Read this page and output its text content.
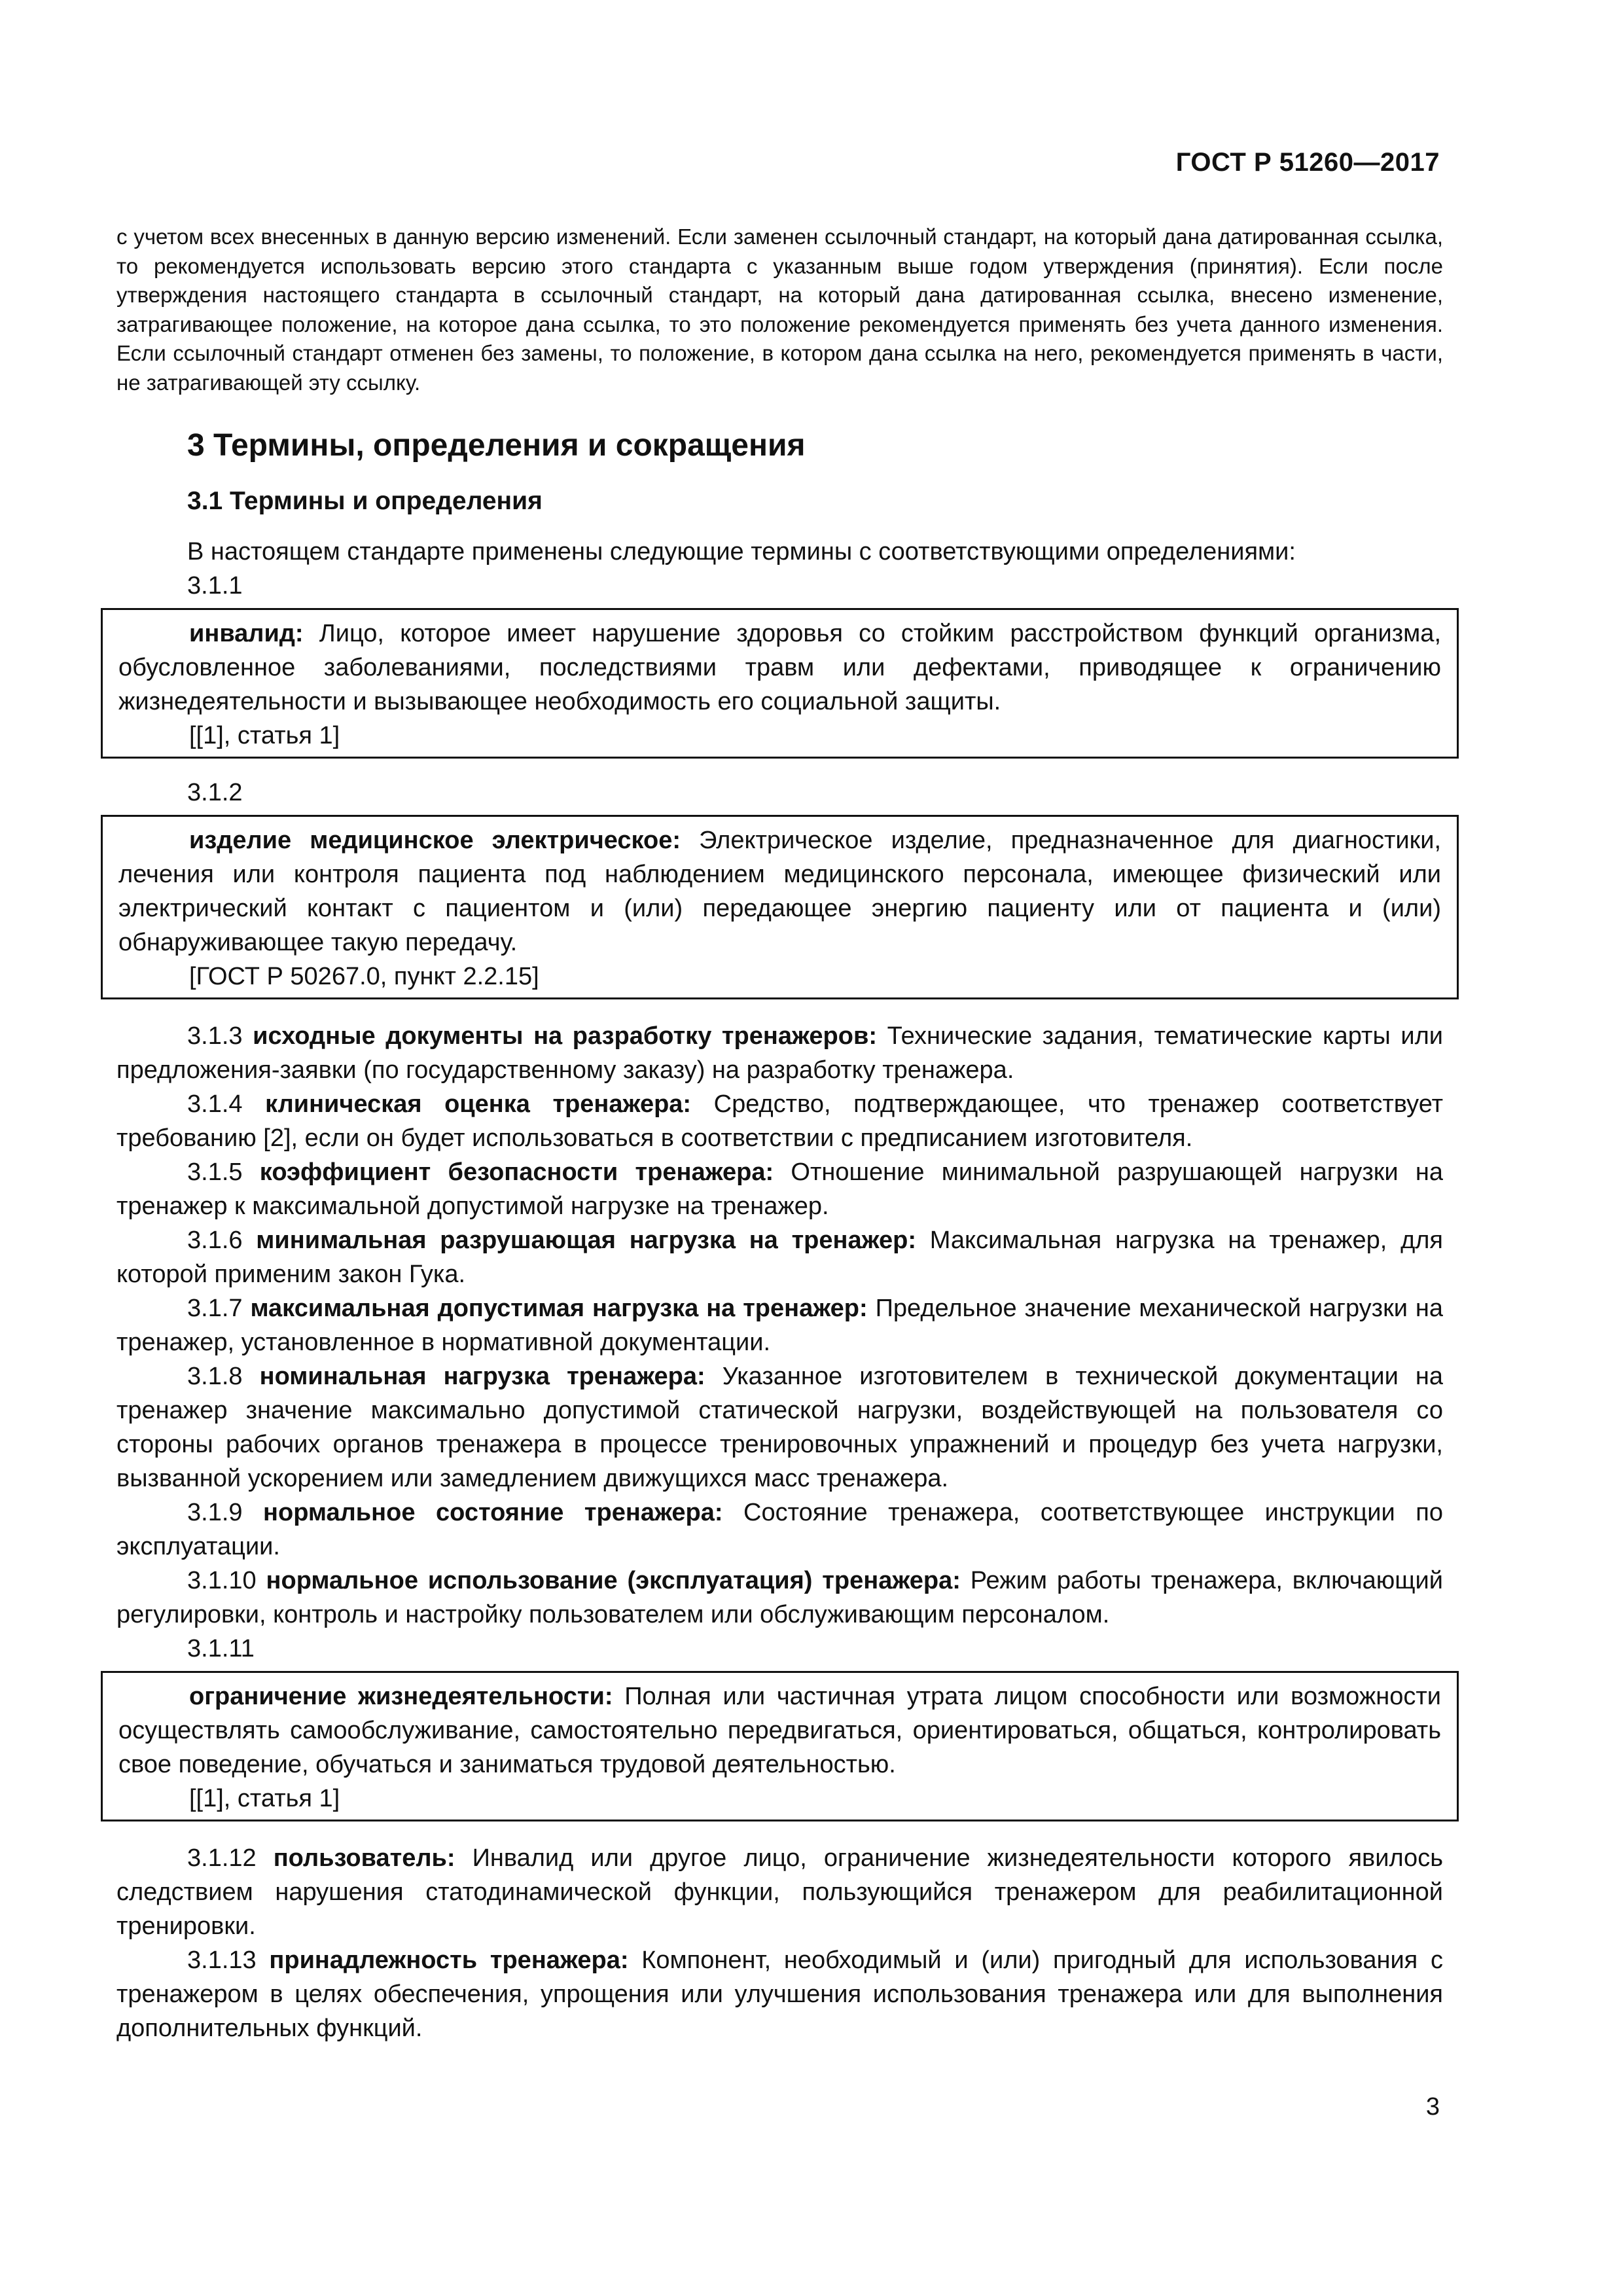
ГОСТ Р 51260—2017

с учетом всех внесенных в данную версию изменений. Если заменен ссылочный стандарт, на который дана датированная ссылка, то рекомендуется использовать версию этого стандарта с указанным выше годом утверждения (принятия). Если после утверждения настоящего стандарта в ссылочный стандарт, на который дана датированная ссылка, внесено изменение, затрагивающее положение, на которое дана ссылка, то это положение рекомендуется применять без учета данного изменения. Если ссылочный стандарт отменен без замены, то положение, в котором дана ссылка на него, рекомендуется применять в части, не затрагивающей эту ссылку.

3 Термины, определения и сокращения
3.1 Термины и определения

В настоящем стандарте применены следующие термины с соответствующими определениями:

3.1.1

инвалид: Лицо, которое имеет нарушение здоровья со стойким расстройством функций организма, обусловленное заболеваниями, последствиями травм или дефектами, приводящее к ограничению жизнедеятельности и вызывающее необходимость его социальной защиты.

[[1], статья 1]

3.1.2

изделие медицинское электрическое: Электрическое изделие, предназначенное для диагностики, лечения или контроля пациента под наблюдением медицинского персонала, имеющее физический или электрический контакт с пациентом и (или) передающее энергию пациенту или от пациента и (или) обнаруживающее такую передачу.

[ГОСТ Р 50267.0, пункт 2.2.15]

3.1.3 исходные документы на разработку тренажеров: Технические задания, тематические карты или предложения-заявки (по государственному заказу) на разработку тренажера.

3.1.4 клиническая оценка тренажера: Средство, подтверждающее, что тренажер соответствует требованию [2], если он будет использоваться в соответствии с предписанием изготовителя.

3.1.5 коэффициент безопасности тренажера: Отношение минимальной разрушающей нагрузки на тренажер к максимальной допустимой нагрузке на тренажер.

3.1.6 минимальная разрушающая нагрузка на тренажер: Максимальная нагрузка на тренажер, для которой применим закон Гука.

3.1.7 максимальная допустимая нагрузка на тренажер: Предельное значение механической нагрузки на тренажер, установленное в нормативной документации.

3.1.8 номинальная нагрузка тренажера: Указанное изготовителем в технической документации на тренажер значение максимально допустимой статической нагрузки, воздействующей на пользователя со стороны рабочих органов тренажера в процессе тренировочных упражнений и процедур без учета нагрузки, вызванной ускорением или замедлением движущихся масс тренажера.

3.1.9 нормальное состояние тренажера: Состояние тренажера, соответствующее инструкции по эксплуатации.

3.1.10 нормальное использование (эксплуатация) тренажера: Режим работы тренажера, включающий регулировки, контроль и настройку пользователем или обслуживающим персоналом.

3.1.11

ограничение жизнедеятельности: Полная или частичная утрата лицом способности или возможности осуществлять самообслуживание, самостоятельно передвигаться, ориентироваться, общаться, контролировать свое поведение, обучаться и заниматься трудовой деятельностью.

[[1], статья 1]

3.1.12 пользователь: Инвалид или другое лицо, ограничение жизнедеятельности которого явилось следствием нарушения статодинамической функции, пользующийся тренажером для реабилитационной тренировки.

3.1.13 принадлежность тренажера: Компонент, необходимый и (или) пригодный для использования с тренажером в целях обеспечения, упрощения или улучшения использования тренажера или для выполнения дополнительных функций.

3
